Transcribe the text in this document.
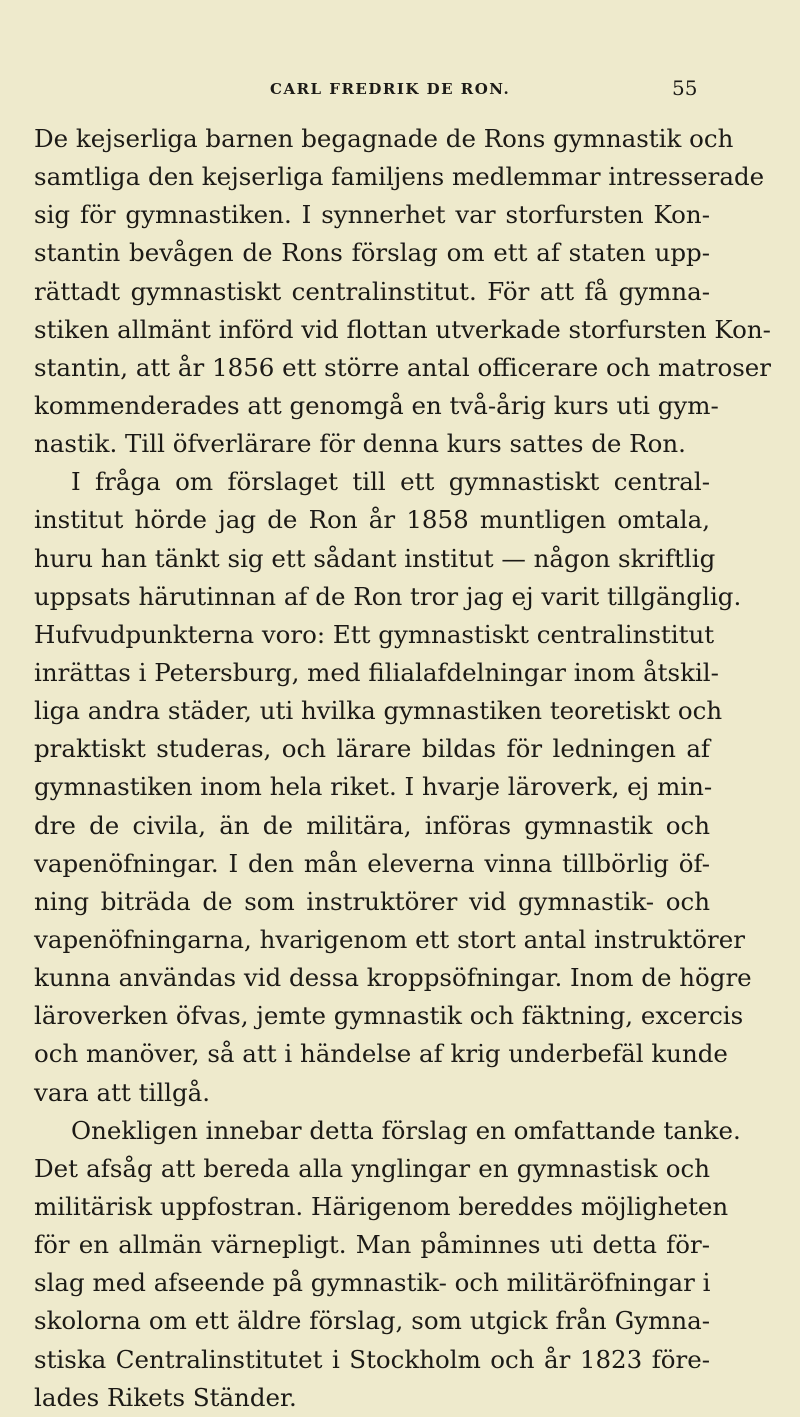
CARL FREDRIK DE RON.	55
De kejserliga barnen begagnade de Rons gymnastik och
samtliga den kejserliga familjens medlemmar intresserade
sig för gymnastiken. I synnerhet var storfursten Kon-
stantin bevågen de Rons förslag om ett af staten upp-
rättadt gymnastiskt centralinstitut. För att få gymna-
stiken allmänt införd vid flottan utverkade storfursten Kon-
stantin, att år 1856 ett större antal officerare och matroser
kommenderades att genomgå en två-årig kurs uti gym-
nastik. Till öfverlärare för denna kurs sattes de Ron.
I fråga om förslaget till ett gymnastiskt central-
institut hörde jag de Ron år 1858 muntligen omtala,
huru han tänkt sig ett sådant institut — någon skriftlig
uppsats härutinnan af de Ron tror jag ej varit tillgänglig.
Hufvudpunkterna voro: Ett gymnastiskt centralinstitut
inrättas i Petersburg, med filialafdelningar inom åtskil-
liga andra städer, uti hvilka gymnastiken teoretiskt och
praktiskt studeras, och lärare bildas för ledningen af
gymnastiken inom hela riket. I hvarje läroverk, ej min-
dre de civila, än de militära, införas gymnastik och
vapenöfningar. I den mån eleverna vinna tillbörlig öf-
ning biträda de som instruktörer vid gymnastik- och
vapenöfningarna, hvarigenom ett stort antal instruktörer
kunna användas vid dessa kroppsöfningar. Inom de högre
läroverken öfvas, jemte gymnastik och fäktning, excercis
och manöver, så att i händelse af krig underbefäl kunde
vara att tillgå.
Onekligen innebar detta förslag en omfattande tanke.
Det afsåg att bereda alla ynglingar en gymnastisk och
militärisk uppfostran. Härigenom bereddes möjligheten
för en allmän värnepligt. Man påminnes uti detta för-
slag med afseende på gymnastik- och militäröfningar i
skolorna om ett äldre förslag, som utgick från Gymna-
stiska Centralinstitutet i Stockholm och år 1823 före-
lades Rikets Ständer.
